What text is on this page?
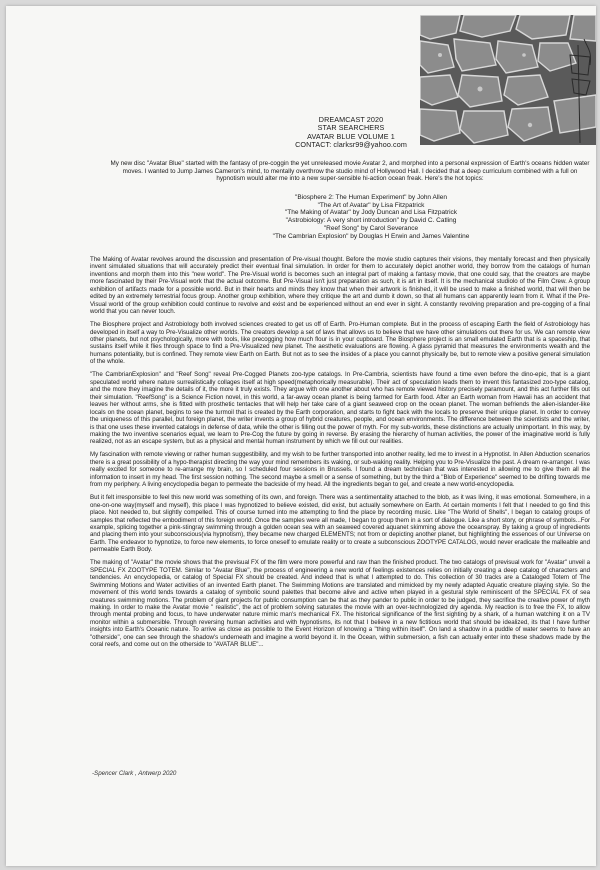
DREAMCAST 2020
STAR SEARCHERS
AVATAR BLUE VOLUME 1
CONTACT: clarksr99@yahoo.com
My new disc "Avatar Blue" started with the fantasy of pre-coggin the yet unreleased movie Avatar 2, and morphed into a personal expression of Earth's oceans hidden water moves. I wanted to Jump James Cameron's mind, to mentally overthrow the studio mind of Hollywood Hall. I decided that a deep curriculum combined with a full on hypnotism would alter me into a new super-sensible hi-action ocean freak. Here's the hot topics:
"Biosphere 2: The Human Experiment" by John Allen
"The Art of Avatar" by Lisa Fitzpatrick
"The Making of Avatar" by Jody Duncan and Lisa Fitzpatrick
"Astrobiology: A very short introduction" by David C. Catling
"Reef Song" by Carol Severance
"The Cambrian Explosion" by Douglas H Erwin and James Valentine

The Making of Avatar revolves around the discussion and presentation of Pre-visual thought. Before the movie studio captures their visions, they mentally forecast and then physically invent simulated situations that will accurately predict their eventual final simulation. In order for them to accurately depict another world, they borrow from the catalogs of human inventions and morph them into this "new world". The Pre-Visual world is becomes such an integral part of making a fantasy movie, that one could say, that the creators are maybe more fascinated by their Pre-Visual work that the actual outcome. But Pre-Visual isn't just preparation as such, it is art in itself. It is the mechanical studiolo of the Film Crew. A group exhibition of artifacts made for a possible world. But in their hearts and minds they know that when their artwork is finished, it will be used to make a finished world, that will then be edited by an extremely terrestrial focus group. Another group exhibition, where they critique the art and dumb it down, so that all humans can apparently learn from it. What if the Pre-Visual world of the group exhibition could continue to revolve and exist and be experienced without an end ever in sight. A constantly revolving preparation and pre-cogging of a final world that you can never touch.

The Biosphere project and Astrobiology both involved sciences created to get us off of Earth. Pro-Human complete. But in the process of escaping Earth the field of Astrobiology has developed in itself a way to Pre-Visualize other worlds. The creators develop a set of laws that allows us to believe that we have other simulations out there for us. We can remote view other planets, but not psychologically, more with tools, like precogging how much flour is in your cupboard. The Biosphere project is an small emulated Earth that is a spaceship, that sustains itself while it flies through space to find a Pre-Visualized new planet. The aesthetic evaluations are flowing. A glass pyramid that measures the environments wealth and the humans potentiality, but is confined. They remote view Earth on Earth. But not as to see the insides of a place you cannot physically be, but to remote view a positive general simulation of the whole.

"The CambrianExplosion" and "Reef Song" reveal Pre-Cogged Planets zoo-type catalogs. In Pre-Cambria, scientists have found a time even before the dino-epic, that is a giant speculated world where nature surrealistically collages itself at high speed(metaphorically measurable). Their act of speculation leads them to invent this fantasized zoo-type catalog, and the more they imagine the details of it, the more it truly exists. They argue with one another about who has remote viewed history precisely paramount, and this act further fills out their simulation. "ReefSong" is a Science Fiction novel, in this world, a far-away ocean planet is being farmed for Earth food. After an Earth woman from Hawaii has an accident that leaves her without arms, she is fitted with prosthetic tentacles that will help her take care of a giant seaweed crop on the ocean planet. The woman befriends the alien-islander-like locals on the ocean planet, begins to see the turmoil that is created by the Earth corporation, and starts to fight back with the locals to preserve their unique planet. In order to convey the uniqueness of this parallel, but foreign planet, the writer invents a group of hybrid creatures, people, and ocean environments. The difference between the scientists and the writer, is that one uses these invented catalogs in defense of data, while the other is filling out the power of myth. For my sub-worlds, these distinctions are actually unimportant. In this way, by making the two inventive scenarios equal, we learn to Pre-Cog the future by going in reverse. By erasing the hierarchy of human activities, the power of the imaginative world is fully realized, not as an escape system, but as a physical and mental human instrument by which we fill out our realities.

My fascination with remote viewing or rather human suggestibility, and my wish to be further transported into another reality, led me to invest in a Hypnotist. In Allen Abduction scenarios there is a great possibility of a hypo-therapist directing the way your mind remembers its waking, or sub-waking reality. Helping you to Pre-Visualize the past. A dream re-arranger. I was really excited for someone to re-arrange my brain, so I scheduled four sessions in Brussels. I found a dream technician that was interested in allowing me to give them all the information to insert in my head. The first session nothing. The second maybe a smell or a sense of something, but by the third a "Blob of Experience" seemed to be drifting towards me from my periphery. A living encyclopedia began to permeate the backside of my head. All the ingredients began to gel, and create a new world-encyclopedia.

But it felt irresponsible to feel this new world was something of its own, and foreign. There was a sentimentality attached to the blob, as it was living, it was emotional. Somewhere, in a one-on-one way(myself and myself), this place I was hypnotized to believe existed, did exist, but actually somewhere on Earth. At certain moments I felt that I needed to go find this place. Not needed to, but slightly compelled. This of course turned into me attempting to find the place by recording music. Like "The World of Shells", I began to catalog groups of samples that reflected the embodiment of this foreign world. Once the samples were all made, I began to group them in a sort of dialogue. Like a short story, or phrase of symbols...For example, splicing together a pink-stingray swimming through a golden ocean sea with an seaweed covered aquanet skimming above the oceanspray. By taking a group of ingredients and placing them into your subconscious(via hypnotism), they became new charged ELEMENTS; not from or depicting another planet, but highlighting the essences of our Universe on Earth. The endeavor to hypnotize, to force new elements, to force oneself to emulate reality or to create a subconscious ZOOTYPE CATALOG, would never eradicate the malleable and permeable Earth Body.

The making of "Avatar" the movie shows that the previsual FX of the film were more powerful and raw than the finished product. The two catalogs of previsual work for "Avatar" unveil a SPECIAL FX ZOOTYPE TOTEM. Similar to "Avatar Blue", the process of engineering a new world of feelings existences relies on initially creating a deep catalog of characters and tendencies. An encyclopedia, or catalog of Special FX should be created. And indeed that is what I attempted to do. This collection of 30 tracks are a Cataloged Totem of The Swimming Motions and Water activities of an invented Earth planet. The Swimming Motions are translated and mimicked by my newly adapted Aquatic creature playing style. So the movement of this world tends towards a catalog of symbolic sound palettes that become alive and active when played in a gestural style reminiscent of the SPECIAL FX of sea creatures swimming motions. The problem of giant projects for public consumption can be that as they pander to public in order to be judged, they sacrifice the creative power of myth making. In order to make the Avatar movie " realistic", the act of problem solving saturates the movie with an over-technologized dry agenda. My reaction is to free the FX, to allow through mental probing and focus, to have underwater nature mimic man's mechanical FX. The historical significance of the first sighting by a shark, of a human watching it on a TV monitor within a submersible. Through reversing human activities and with hypnotisms, its not that I believe in a new fictitious world that should be idealized, its that I have further insights into Earth's Oceanic nature. To arrive as close as possible to the Event Horizon of knowing a "thing within itself". On land a shadow in a puddle of water seems to have an "otherside", one can see through the shadow's underneath and imagine a world beyond it. In the Ocean, within submersion, a fish can actually enter into these shadows made by the coral reefs, and come out on the otherside to "AVATAR BLUE"...

-Spencer Clark , Antwerp 2020
